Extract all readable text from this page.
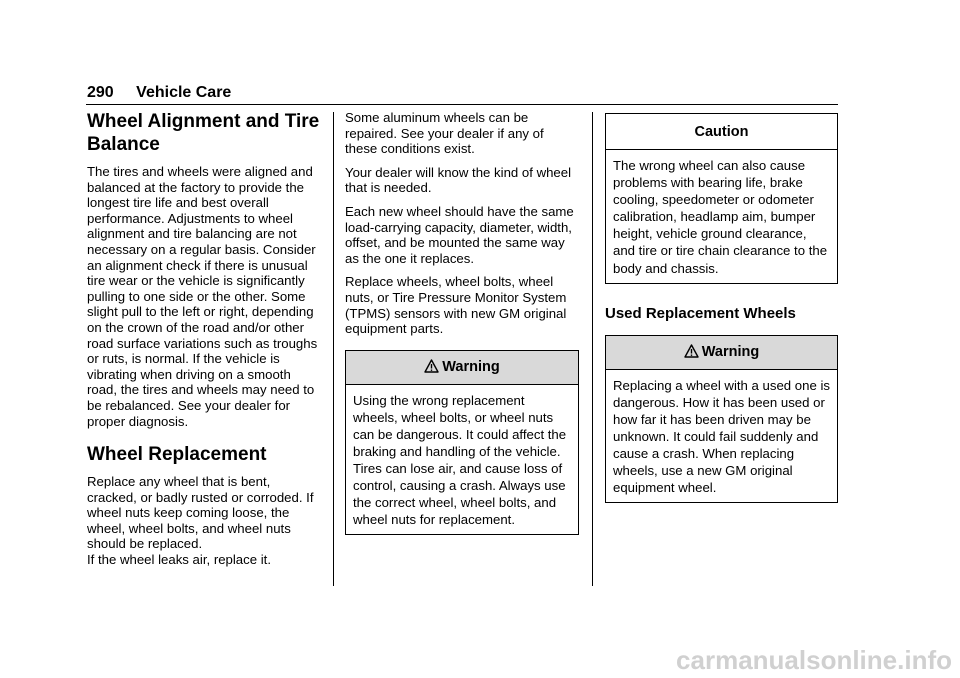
290 Vehicle Care
Wheel Alignment and Tire Balance

The tires and wheels were aligned and balanced at the factory to provide the longest tire life and best overall performance. Adjustments to wheel alignment and tire balancing are not necessary on a regular basis. Consider an alignment check if there is unusual tire wear or the vehicle is significantly pulling to one side or the other. Some slight pull to the left or right, depending on the crown of the road and/or other road surface variations such as troughs or ruts, is normal. If the vehicle is vibrating when driving on a smooth road, the tires and wheels may need to be rebalanced. See your dealer for proper diagnosis.

Wheel Replacement

Replace any wheel that is bent, cracked, or badly rusted or corroded. If wheel nuts keep coming loose, the wheel, wheel bolts, and wheel nuts should be replaced.

If the wheel leaks air, replace it.

Some aluminum wheels can be repaired. See your dealer if any of these conditions exist.

Your dealer will know the kind of wheel that is needed.

Each new wheel should have the same load-carrying capacity, diameter, width, offset, and be mounted the same way as the one it replaces.

Replace wheels, wheel bolts, wheel nuts, or Tire Pressure Monitor System (TPMS) sensors with new GM original equipment parts.

Warning
Using the wrong replacement wheels, wheel bolts, or wheel nuts can be dangerous. It could affect the braking and handling of the vehicle. Tires can lose air, and cause loss of control, causing a crash. Always use the correct wheel, wheel bolts, and wheel nuts for replacement.
Caution
The wrong wheel can also cause problems with bearing life, brake cooling, speedometer or odometer calibration, headlamp aim, bumper height, vehicle ground clearance, and tire or tire chain clearance to the body and chassis.
Used Replacement Wheels
Warning
Replacing a wheel with a used one is dangerous. How it has been used or how far it has been driven may be unknown. It could fail suddenly and cause a crash. When replacing wheels, use a new GM original equipment wheel.
carmanualsonline.info
